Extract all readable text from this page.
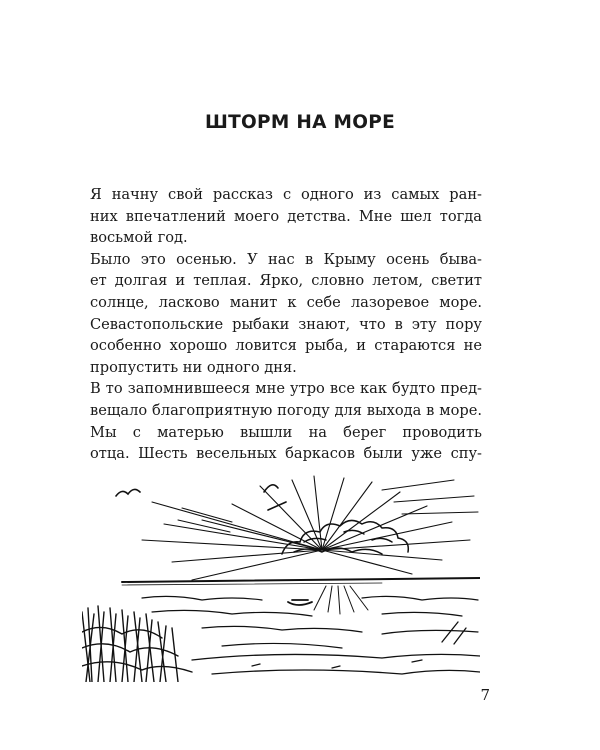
ШТОРМ НА МОРЕ
Я начну свой рассказ с одного из самых ран-
них впечатлений моего детства. Мне шел тогда
восьмой год.
Было это осенью. У нас в Крыму осень быва-
ет долгая и теплая. Ярко, словно летом, светит
солнце, ласково манит к себе лазоревое море.
Севастопольские рыбаки знают, что в эту пору
особенно хорошо ловится рыба, и стараются не
пропустить ни одного дня.
В то запомнившееся мне утро все как будто пред-
вещало благоприятную погоду для выхода в море.
Мы с матерью вышли на берег проводить
отца. Шесть весельных баркасов были уже спу-
7
